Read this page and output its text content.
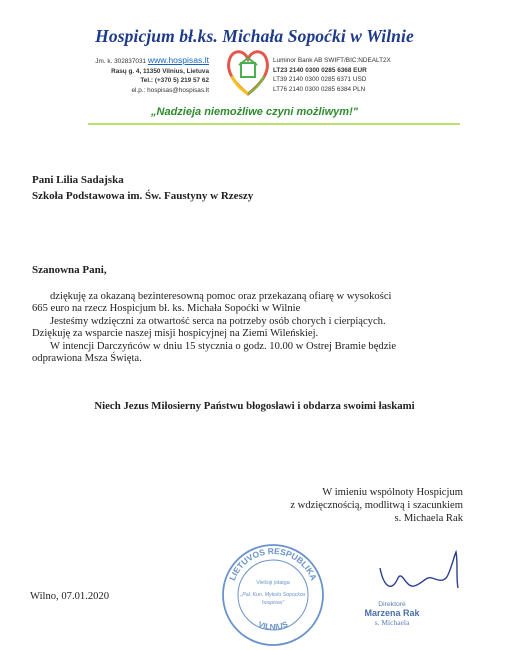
Hospicjum bł.ks. Michała Sopoćki w Wilnie
Jm. k. 302837031 www.hospisas.lt
Rasų g. 4, 11350 Vilnius, Lietuva
Tel.: (+370 5) 219 57 62
el.p.: hospisas@hospisas.lt
Luminor Bank AB SWIFT/BIC:NDEALT2X
LT23 2140 0300 0285 6368 EUR
LT39 2140 0300 0285 6371 USD
LT76 2140 0300 0285 6384 PLN
„Nadzieja niemożliwe czyni możliwym!"
Pani Lilia Sadajska
Szkoła Podstawowa im. Św. Faustyny w Rzeszy
Szanowna Pani,

dziękuję za okazaną bezinteresowną pomoc oraz przekazaną ofiarę w wysokości

665 euro na rzecz Hospicjum bł. ks. Michała Sopoćki w Wilnie

Jesteśmy wdzięczni za otwartość serca na potrzeby osób chorych i cierpiących.

Dziękuję za wsparcie naszej misji hospicyjnej na Ziemi Wileńskiej.

W intencji Darczyńców w dniu 15 stycznia o godz. 10.00 w Ostrej Bramie będzie

odprawiona Msza Święta.

Niech Jezus Miłosierny Państwu błogosławi i obdarza swoimi łaskami
W imieniu wspólnoty Hospicjum
z wdzięcznością, modlitwą i szacunkiem
s. Michaela Rak
Wilno, 07.01.2020
LIETUVOS RESPUBLIKA
VILNIUS
Viešoji įstaiga
„Pal. Kun. Mykolo Sopockos
hospisas"	Direktorė
Marzena Rak
s. Michaela
